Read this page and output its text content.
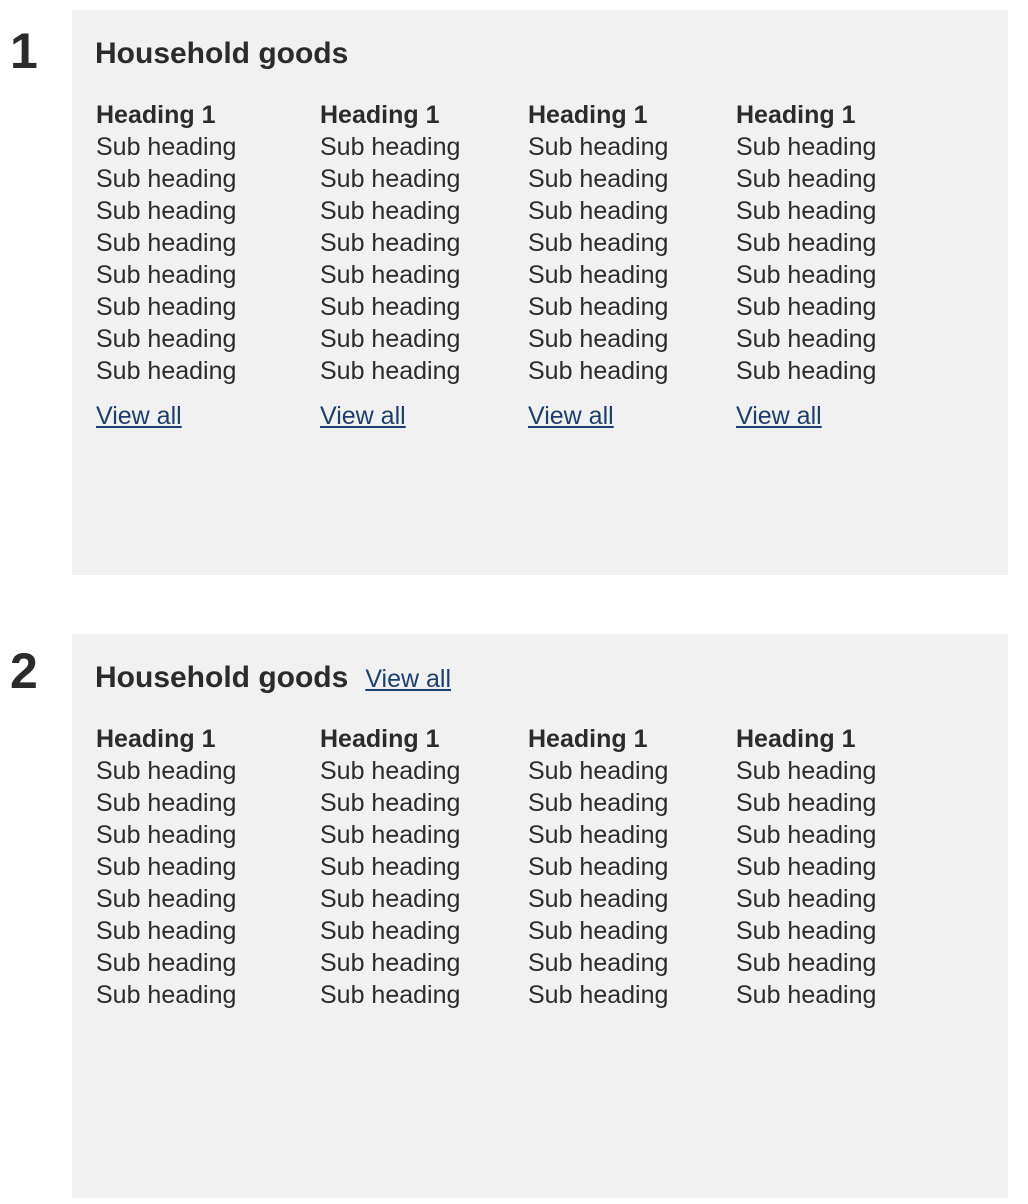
1 Household goods
Heading 1
Sub heading
Sub heading
Sub heading
Sub heading
Sub heading
Sub heading
Sub heading
Sub heading
View all
Heading 1
Sub heading
Sub heading
Sub heading
Sub heading
Sub heading
Sub heading
Sub heading
Sub heading
View all
Heading 1
Sub heading
Sub heading
Sub heading
Sub heading
Sub heading
Sub heading
Sub heading
Sub heading
View all
Heading 1
Sub heading
Sub heading
Sub heading
Sub heading
Sub heading
Sub heading
Sub heading
Sub heading
View all
2 Household goods View all
Heading 1
Sub heading
Sub heading
Sub heading
Sub heading
Sub heading
Sub heading
Sub heading
Sub heading
Heading 1
Sub heading
Sub heading
Sub heading
Sub heading
Sub heading
Sub heading
Sub heading
Sub heading
Heading 1
Sub heading
Sub heading
Sub heading
Sub heading
Sub heading
Sub heading
Sub heading
Sub heading
Heading 1
Sub heading
Sub heading
Sub heading
Sub heading
Sub heading
Sub heading
Sub heading
Sub heading
